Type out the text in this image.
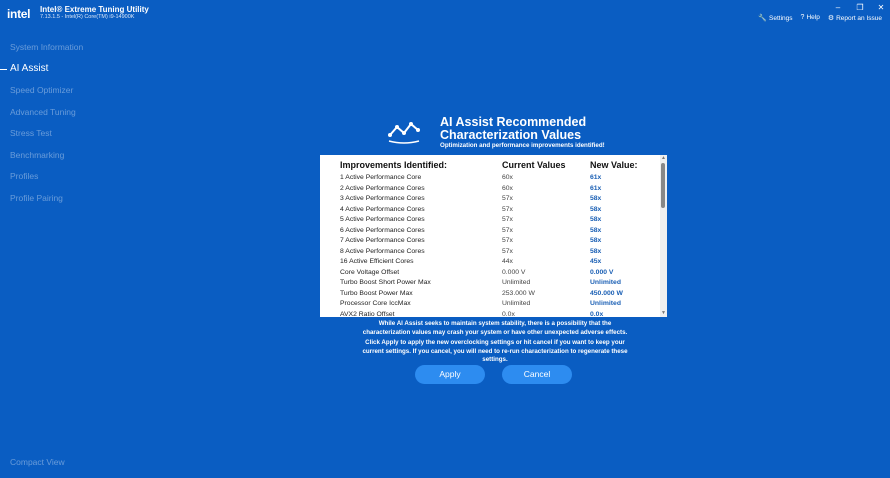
intel Intel® Extreme Tuning Utility
7.13.1.5 - Intel(R) Core(TM) i9-14900K
–	❐	✕
🔧 Settings ? Help ⚙ Report an Issue
System Information
AI Assist
Speed Optimizer
Advanced Tuning
Stress Test
Benchmarking
Profiles
Profile Pairing
Compact View
AI Assist Recommended
Characterization Values
Optimization and performance improvements identified!
Improvements Identified:	Current Values	New Value:
1 Active Performance Core	60x	61x
2 Active Performance Cores	60x	61x
3 Active Performance Cores	57x	58x
4 Active Performance Cores	57x	58x
5 Active Performance Cores	57x	58x
6 Active Performance Cores	57x	58x
7 Active Performance Cores	57x	58x
8 Active Performance Cores	57x	58x
16 Active Efficient Cores	44x	45x
Core Voltage Offset	0.000 V	0.000 V
Turbo Boost Short Power Max	Unlimited	Unlimited
Turbo Boost Power Max	253.000 W	450.000 W
Processor Core IccMax	Unlimited	Unlimited
AVX2 Ratio Offset	0.0x	0.0x
▲
▼
While AI Assist seeks to maintain system stability, there is a possibility that the
characterization values may crash your system or have other unexpected adverse effects.
Click Apply to apply the new overclocking settings or hit cancel if you want to keep your
current settings. If you cancel, you will need to re-run characterization to regenerate these
settings.
Apply	Cancel
